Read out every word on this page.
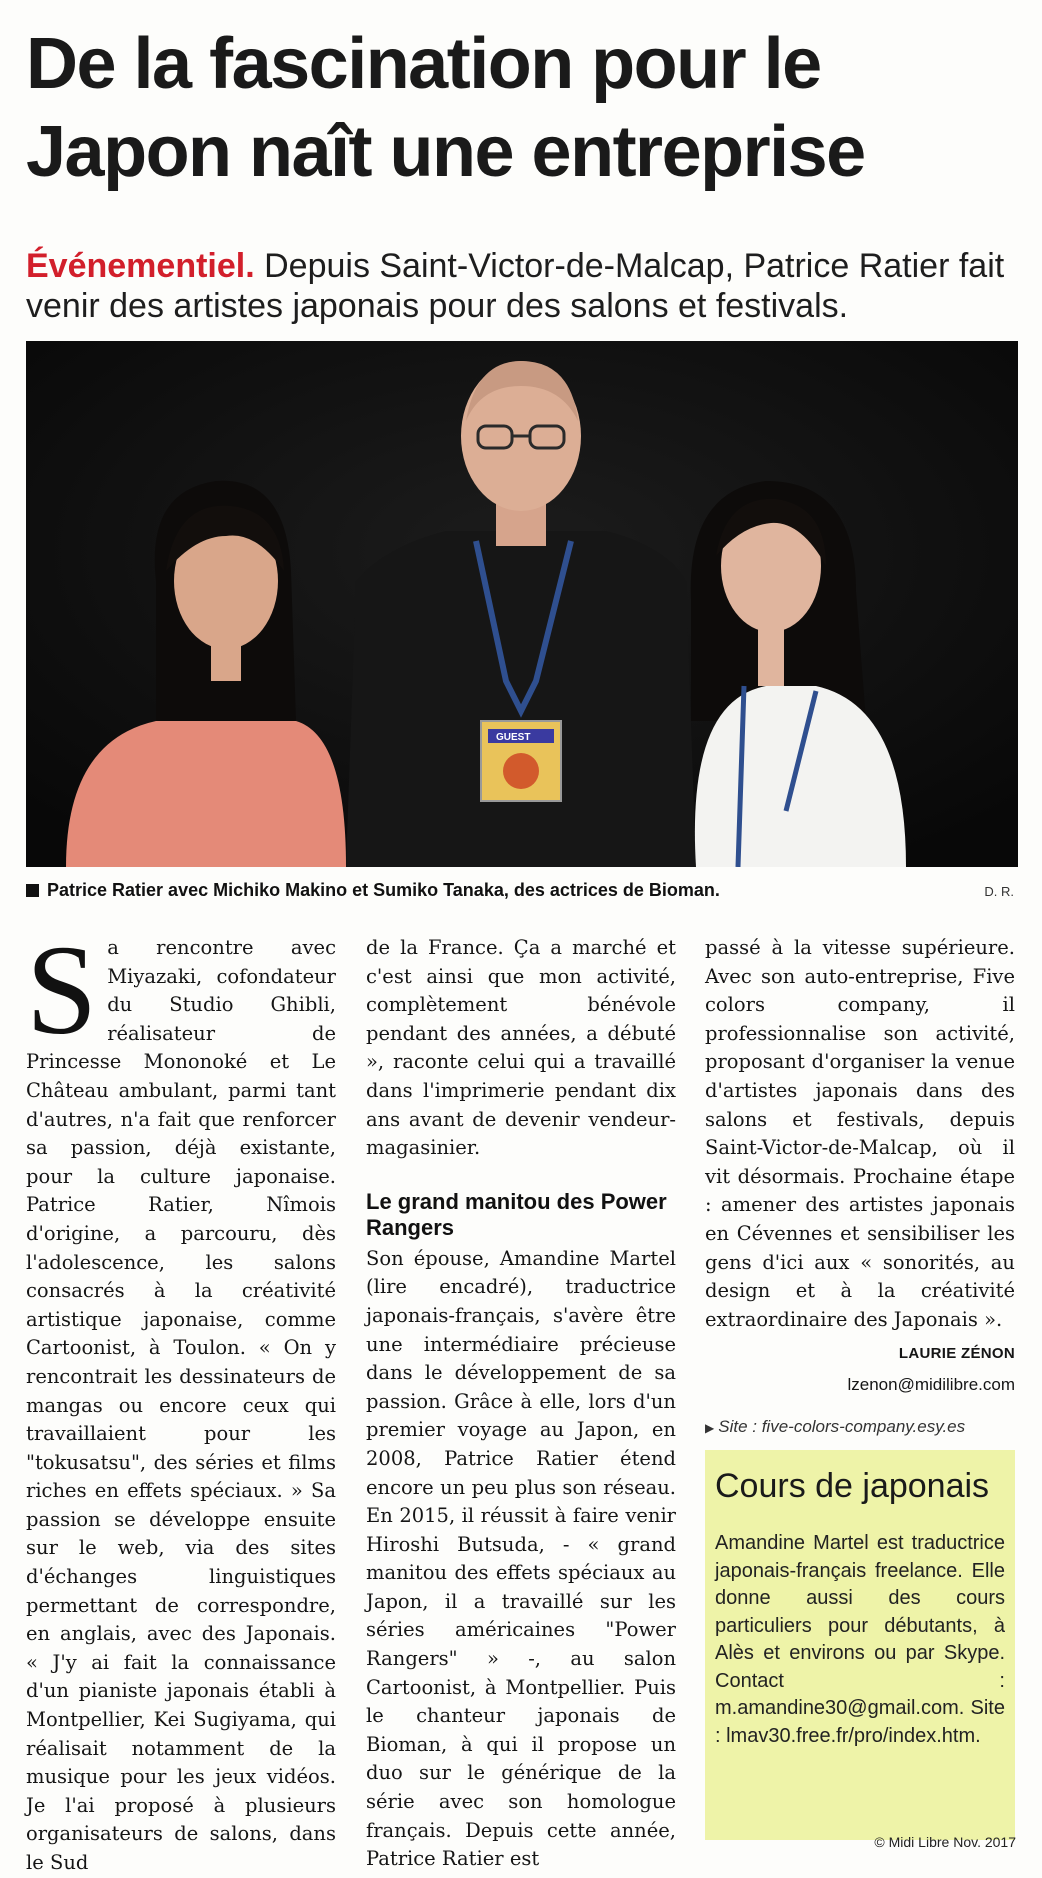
De la fascination pour le Japon naît une entreprise
Événementiel. Depuis Saint-Victor-de-Malcap, Patrice Ratier fait venir des artistes japonais pour des salons et festivals.
GUEST
Patrice Ratier avec Michiko Makino et Sumiko Tanaka, des actrices de Bioman.	D. R.

S a rencontre avec Miyazaki, cofondateur du Studio Ghibli, réalisateur de Princesse Mononoké et Le Château ambulant, parmi tant d'autres, n'a fait que renforcer sa passion, déjà existante, pour la culture japonaise. Patrice Ratier, Nîmois d'origine, a parcouru, dès l'adolescence, les salons consacrés à la créativité artistique japonaise, comme Cartoonist, à Toulon. « On y rencontrait les dessinateurs de mangas ou encore ceux qui travaillaient pour les "tokusatsu", des séries et films riches en effets spéciaux. » Sa passion se développe ensuite sur le web, via des sites d'échanges linguistiques permettant de correspondre, en anglais, avec des Japonais. « J'y ai fait la connaissance d'un pianiste japonais établi à Montpellier, Kei Sugiyama, qui réalisait notamment de la musique pour les jeux vidéos. Je l'ai proposé à plusieurs organisateurs de salons, dans le Sud

de la France. Ça a marché et c'est ainsi que mon activité, complètement bénévole pendant des années, a débuté », raconte celui qui a travaillé dans l'imprimerie pendant dix ans avant de devenir vendeur-magasinier.

Le grand manitou des Power Rangers

Son épouse, Amandine Martel (lire encadré), traductrice japonais-français, s'avère être une intermédiaire précieuse dans le développement de sa passion. Grâce à elle, lors d'un premier voyage au Japon, en 2008, Patrice Ratier étend encore un peu plus son réseau. En 2015, il réussit à faire venir Hiroshi Butsuda, - « grand manitou des effets spéciaux au Japon, il a travaillé sur les séries américaines "Power Rangers" » -, au salon Cartoonist, à Montpellier. Puis le chanteur japonais de Bioman, à qui il propose un duo sur le générique de la série avec son homologue français. Depuis cette année, Patrice Ratier est

passé à la vitesse supérieure. Avec son auto-entreprise, Five colors company, il professionnalise son activité, proposant d'organiser la venue d'artistes japonais dans des salons et festivals, depuis Saint-Victor-de-Malcap, où il vit désormais. Prochaine étape : amener des artistes japonais en Cévennes et sensibiliser les gens d'ici aux « sonorités, au design et à la créativité extraordinaire des Japonais ».

LAURIE ZÉNON

lzenon@midilibre.com

▶ Site : five-colors-company.esy.es

Cours de japonais

Amandine Martel est traductrice japonais-français freelance. Elle donne aussi des cours particuliers pour débutants, à Alès et environs ou par Skype. Contact : m.amandine30@gmail.com. Site : lmav30.free.fr/pro/index.htm.

© Midi Libre Nov. 2017
